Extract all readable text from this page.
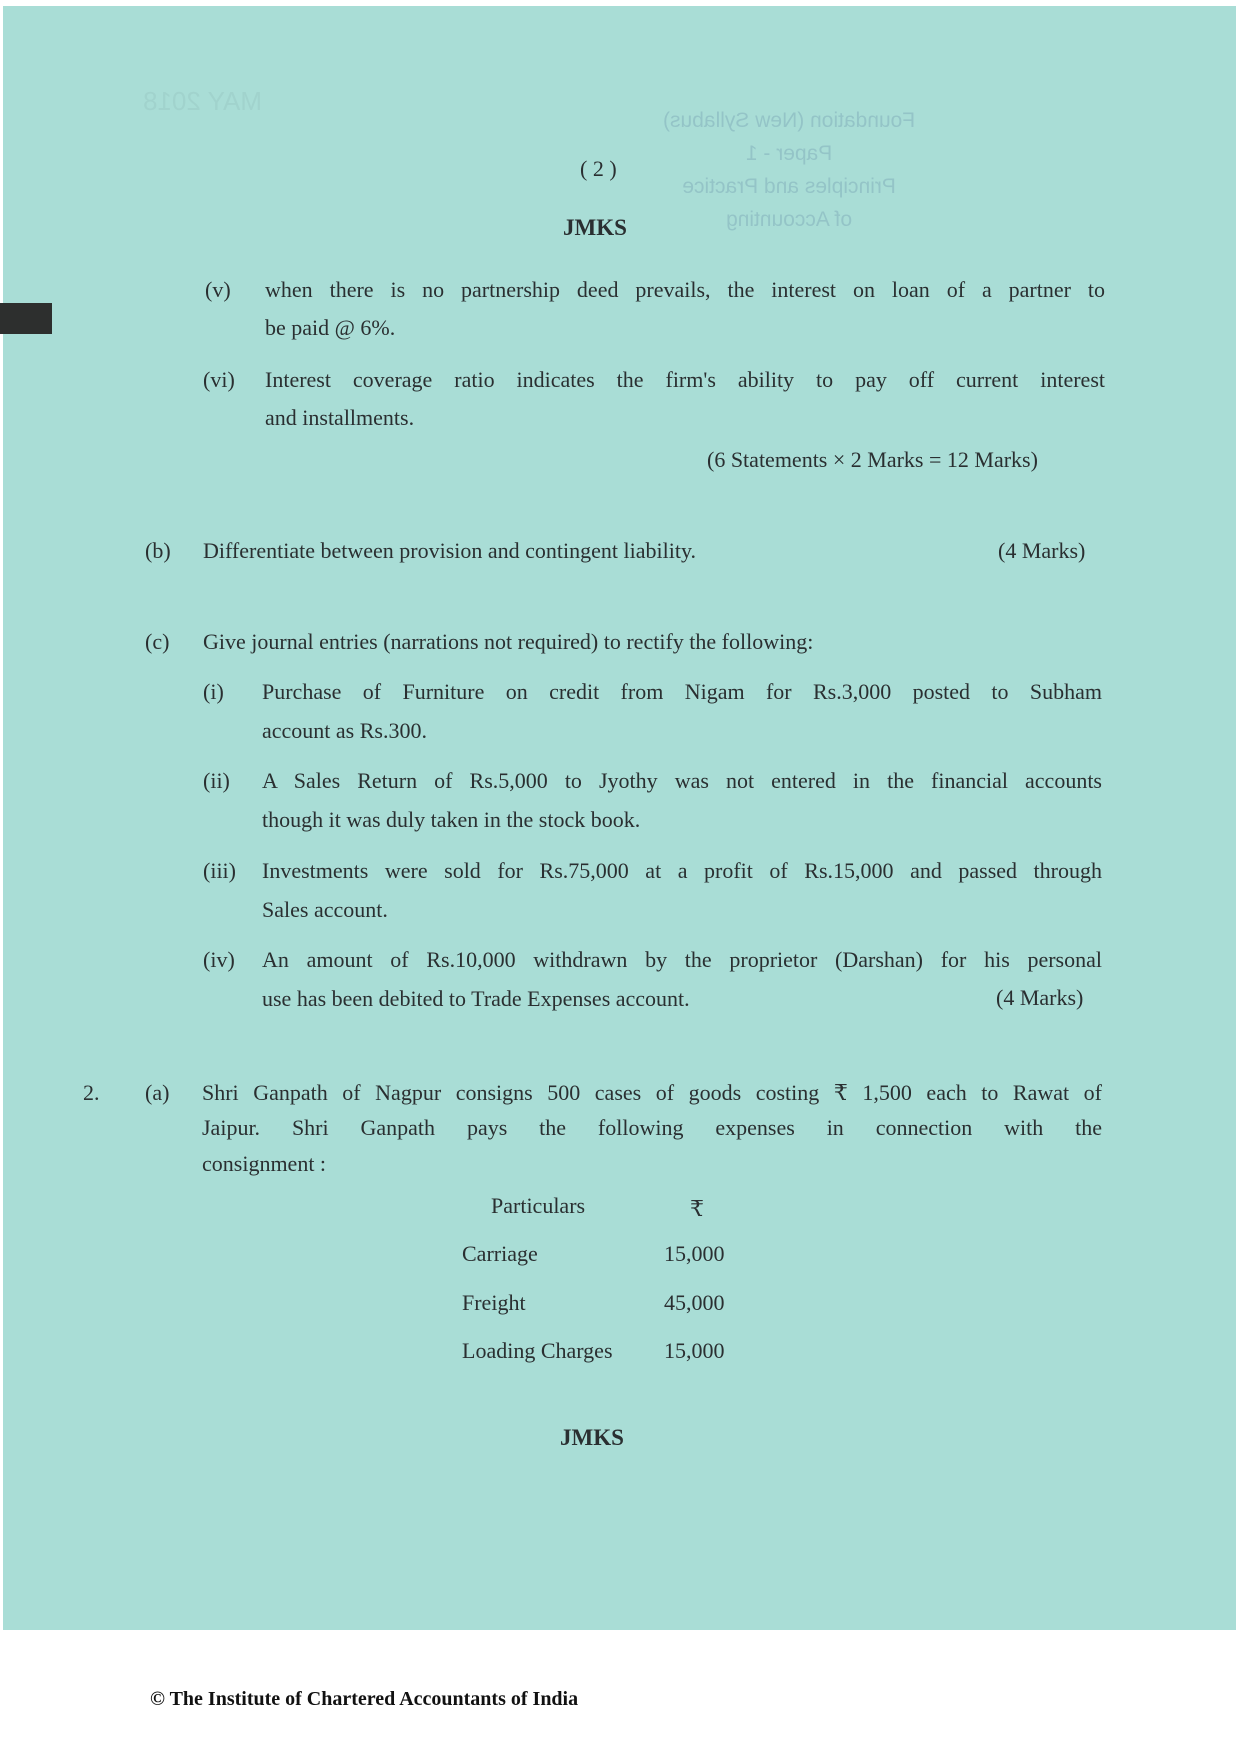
MAY 2018
Foundation (New Syllabus)
Paper - 1
Principles and Practice
of Accounting
( 2 )
JMKS
(v) when there is no partnership deed prevails, the interest on loan of a partner to
be paid @ 6%.
(vi) Interest coverage ratio indicates the firm's ability to pay off current interest
and installments.
(6 Statements × 2 Marks = 12 Marks)
(b) Differentiate between provision and contingent liability.	(4 Marks)
(c) Give journal entries (narrations not required) to rectify the following:
(i) Purchase of Furniture on credit from Nigam for Rs.3,000 posted to Subham
account as Rs.300.
(ii) A Sales Return of Rs.5,000 to Jyothy was not entered in the financial accounts
though it was duly taken in the stock book.
(iii) Investments were sold for Rs.75,000 at a profit of Rs.15,000 and passed through
Sales account.
(iv) An amount of Rs.10,000 withdrawn by the proprietor (Darshan) for his personal
use has been debited to Trade Expenses account.	(4 Marks)
2. (a) Shri Ganpath of Nagpur consigns 500 cases of goods costing ₹ 1,500 each to Rawat of
Jaipur. Shri Ganpath pays the following expenses in connection with the
consignment :
Particulars	₹
Carriage	15,000
Freight	45,000
Loading Charges 15,000
JMKS
© The Institute of Chartered Accountants of India
